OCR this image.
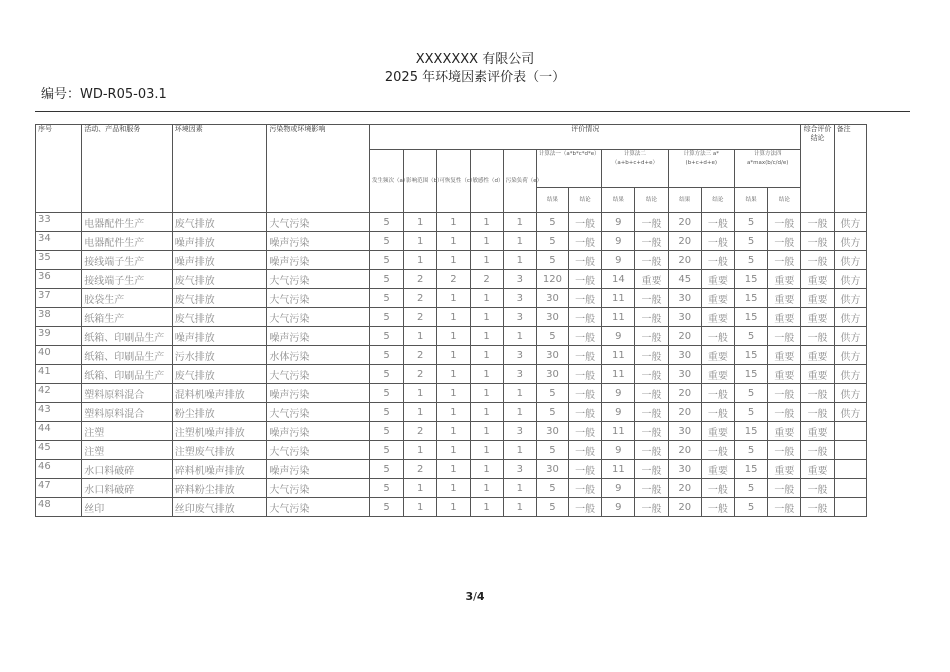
XXXXXXX 有限公司
2025 年环境因素评价表（一）
编号：WD-R05-03.1
序号	活动、产品和服务	环境因素	污染物或环境影响	评价情况													综合评价结论	备注
				发生频次（a）	影响范围（b）	可恢复性（c）	敏感性（d）	污染负荷（e）	计算法一（a*b*c*d*e）		计算法二（a+b+c+d+e）		计算方法三 a*(b+c+d+e)		计算方法四 a*max(b/c/d/e)			
									结果	结论	结果	结论	结果	结论	结果	结论		
33	电器配件生产	废气排放	大气污染	5	1	1	1	1	5	一般	9	一般	20	一般	5	一般	一般	供方
34	电器配件生产	噪声排放	噪声污染	5	1	1	1	1	5	一般	9	一般	20	一般	5	一般	一般	供方
35	接线端子生产	噪声排放	噪声污染	5	1	1	1	1	5	一般	9	一般	20	一般	5	一般	一般	供方
36	接线端子生产	废气排放	大气污染	5	2	2	2	3	120	一般	14	重要	45	重要	15	重要	重要	供方
37	胶袋生产	废气排放	大气污染	5	2	1	1	3	30	一般	11	一般	30	重要	15	重要	重要	供方
38	纸箱生产	废气排放	大气污染	5	2	1	1	3	30	一般	11	一般	30	重要	15	重要	重要	供方
39	纸箱、印刷品生产	噪声排放	噪声污染	5	1	1	1	1	5	一般	9	一般	20	一般	5	一般	一般	供方
40	纸箱、印刷品生产	污水排放	水体污染	5	2	1	1	3	30	一般	11	一般	30	重要	15	重要	重要	供方
41	纸箱、印刷品生产	废气排放	大气污染	5	2	1	1	3	30	一般	11	一般	30	重要	15	重要	重要	供方
42	塑料原料混合	混料机噪声排放	噪声污染	5	1	1	1	1	5	一般	9	一般	20	一般	5	一般	一般	供方
43	塑料原料混合	粉尘排放	大气污染	5	1	1	1	1	5	一般	9	一般	20	一般	5	一般	一般	供方
44	注塑	注塑机噪声排放	噪声污染	5	2	1	1	3	30	一般	11	一般	30	重要	15	重要	重要	
45	注塑	注塑废气排放	大气污染	5	1	1	1	1	5	一般	9	一般	20	一般	5	一般	一般	
46	水口料破碎	碎料机噪声排放	噪声污染	5	2	1	1	3	30	一般	11	一般	30	重要	15	重要	重要	
47	水口料破碎	碎料粉尘排放	大气污染	5	1	1	1	1	5	一般	9	一般	20	一般	5	一般	一般	
48	丝印	丝印废气排放	大气污染	5	1	1	1	1	5	一般	9	一般	20	一般	5	一般	一般	
3/4
